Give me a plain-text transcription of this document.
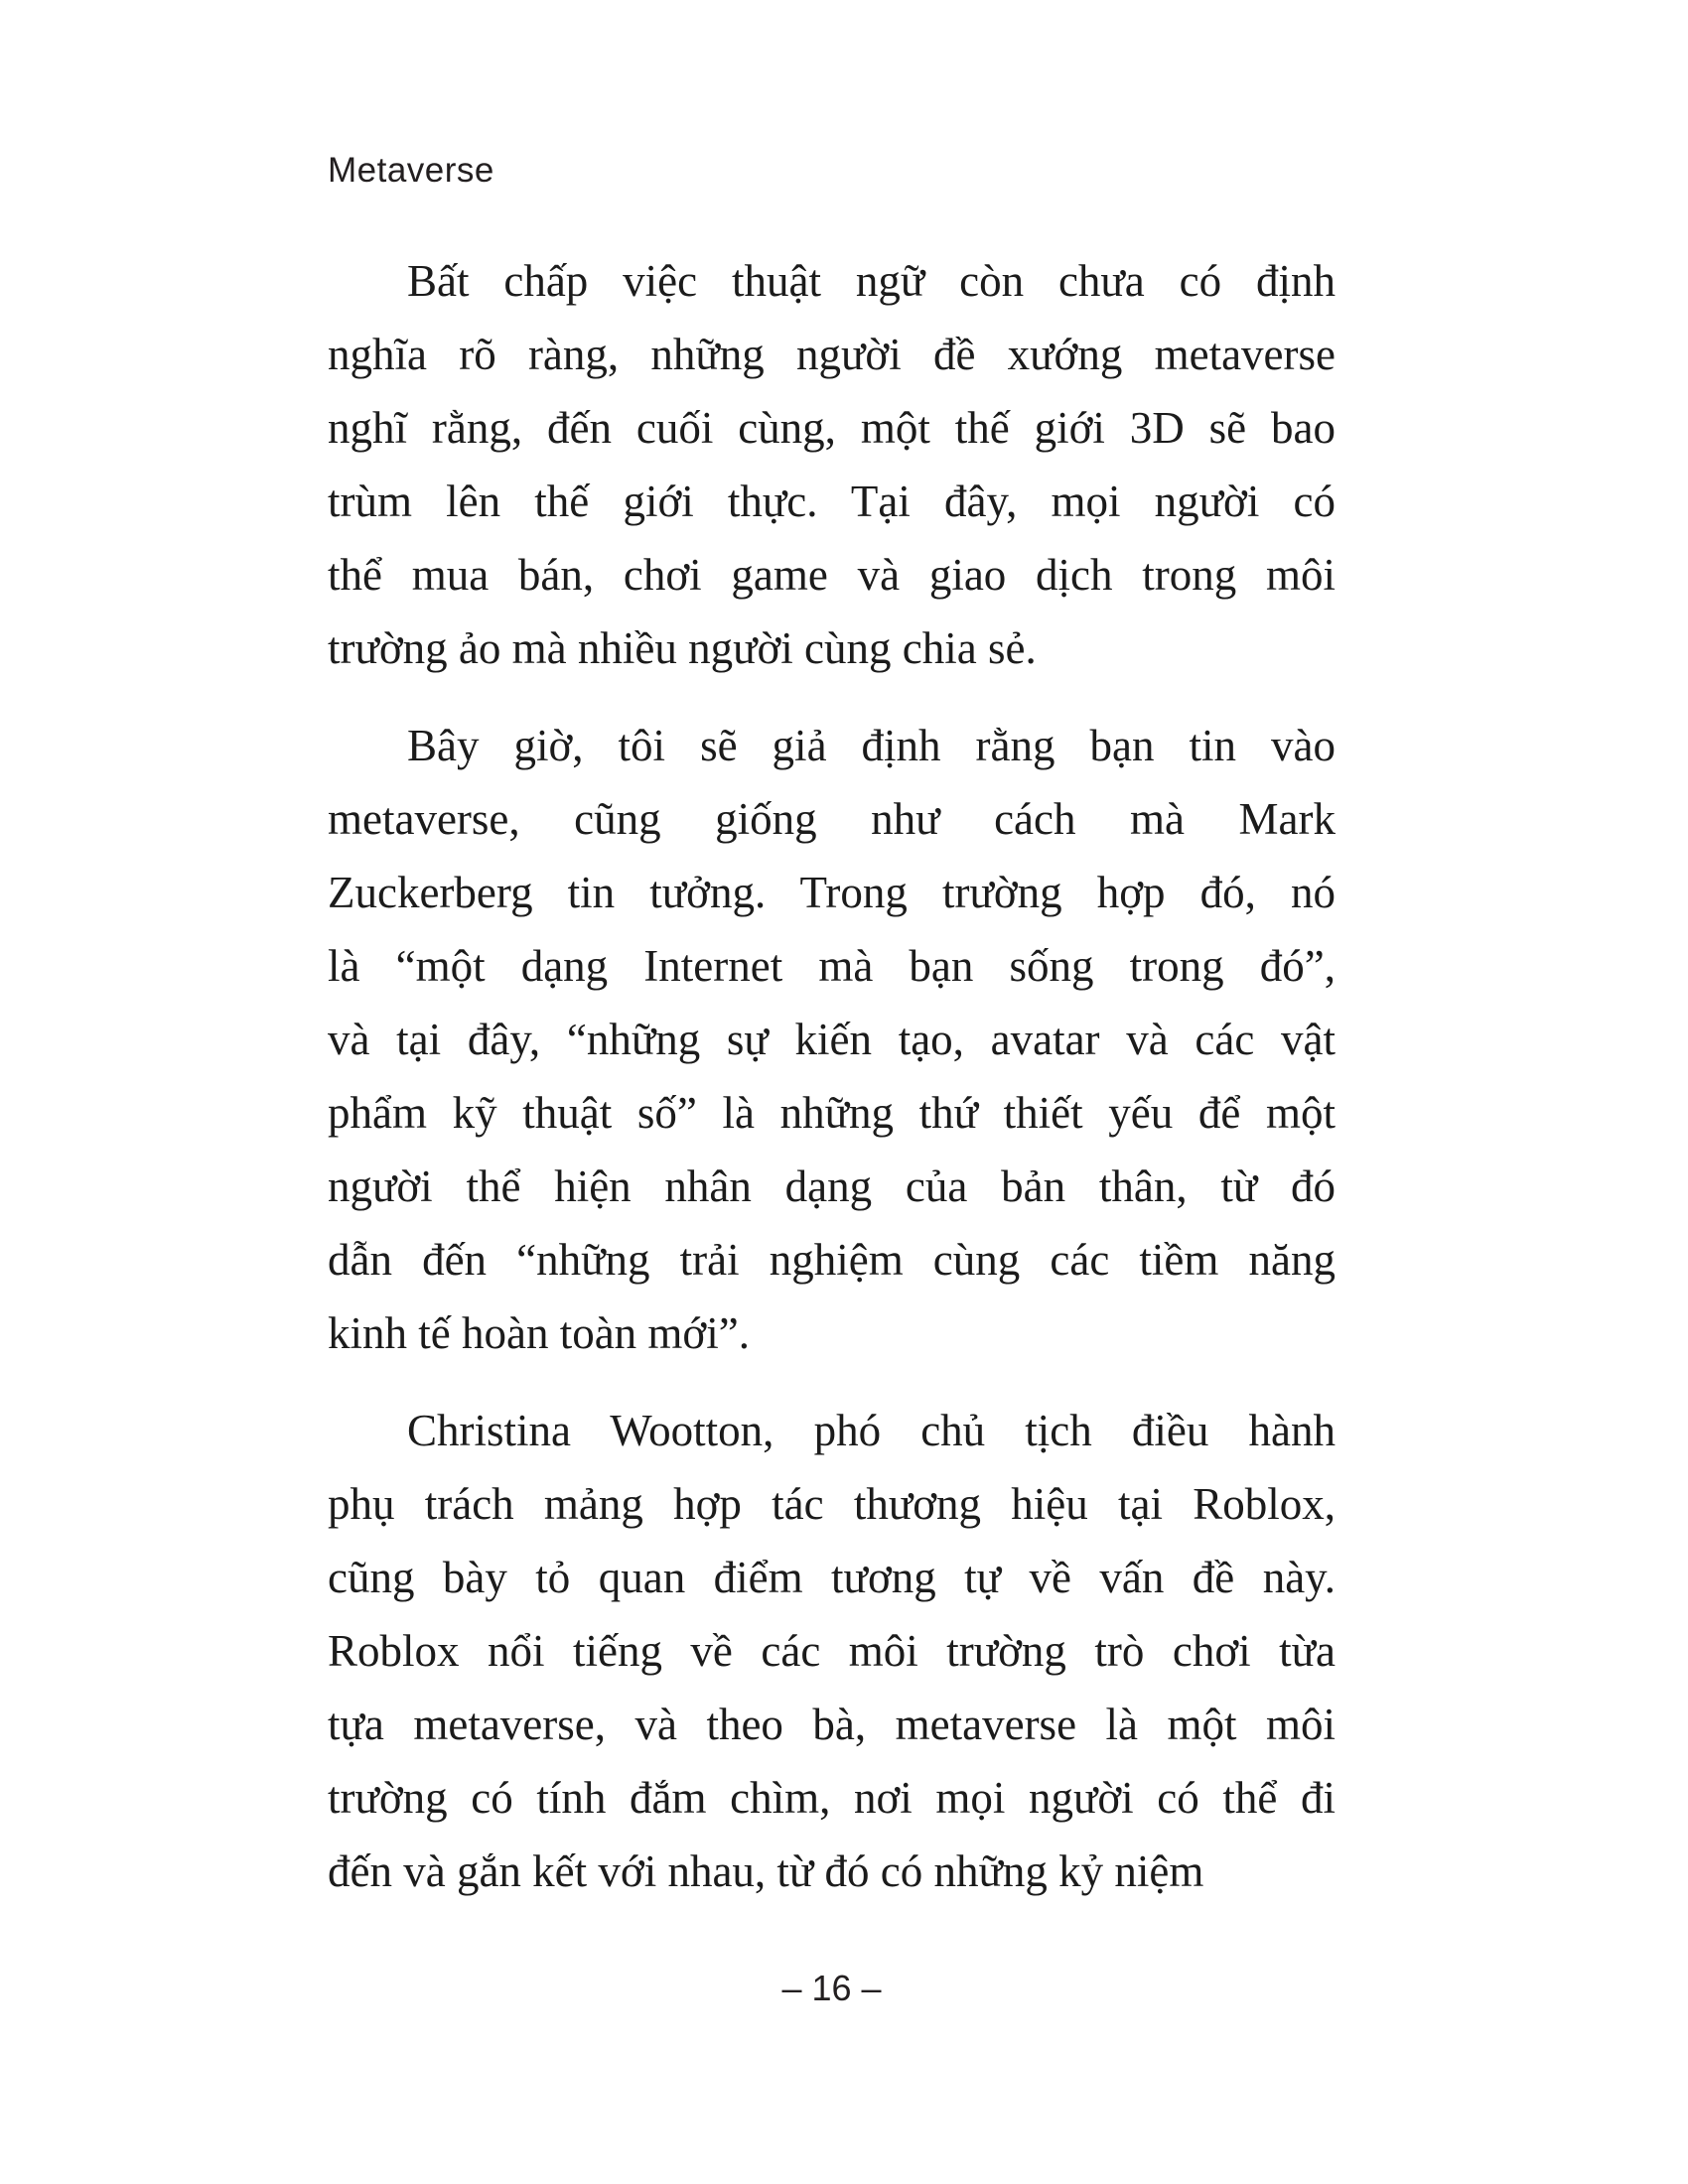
Metaverse
Bất chấp việc thuật ngữ còn chưa có định
nghĩa rõ ràng, những người đề xướng metaverse
nghĩ rằng, đến cuối cùng, một thế giới 3D sẽ bao
trùm lên thế giới thực. Tại đây, mọi người có
thể mua bán, chơi game và giao dịch trong môi
trường ảo mà nhiều người cùng chia sẻ.
Bây giờ, tôi sẽ giả định rằng bạn tin vào
metaverse, cũng giống như cách mà Mark
Zuckerberg tin tưởng. Trong trường hợp đó, nó
là “một dạng Internet mà bạn sống trong đó”,
và tại đây, “những sự kiến tạo, avatar và các vật
phẩm kỹ thuật số” là những thứ thiết yếu để một
người thể hiện nhân dạng của bản thân, từ đó
dẫn đến “những trải nghiệm cùng các tiềm năng
kinh tế hoàn toàn mới”.
Christina Wootton, phó chủ tịch điều hành
phụ trách mảng hợp tác thương hiệu tại Roblox,
cũng bày tỏ quan điểm tương tự về vấn đề này.
Roblox nổi tiếng về các môi trường trò chơi từa
tựa metaverse, và theo bà, metaverse là một môi
trường có tính đắm chìm, nơi mọi người có thể đi
đến và gắn kết với nhau, từ đó có những kỷ niệm
– 16 –
